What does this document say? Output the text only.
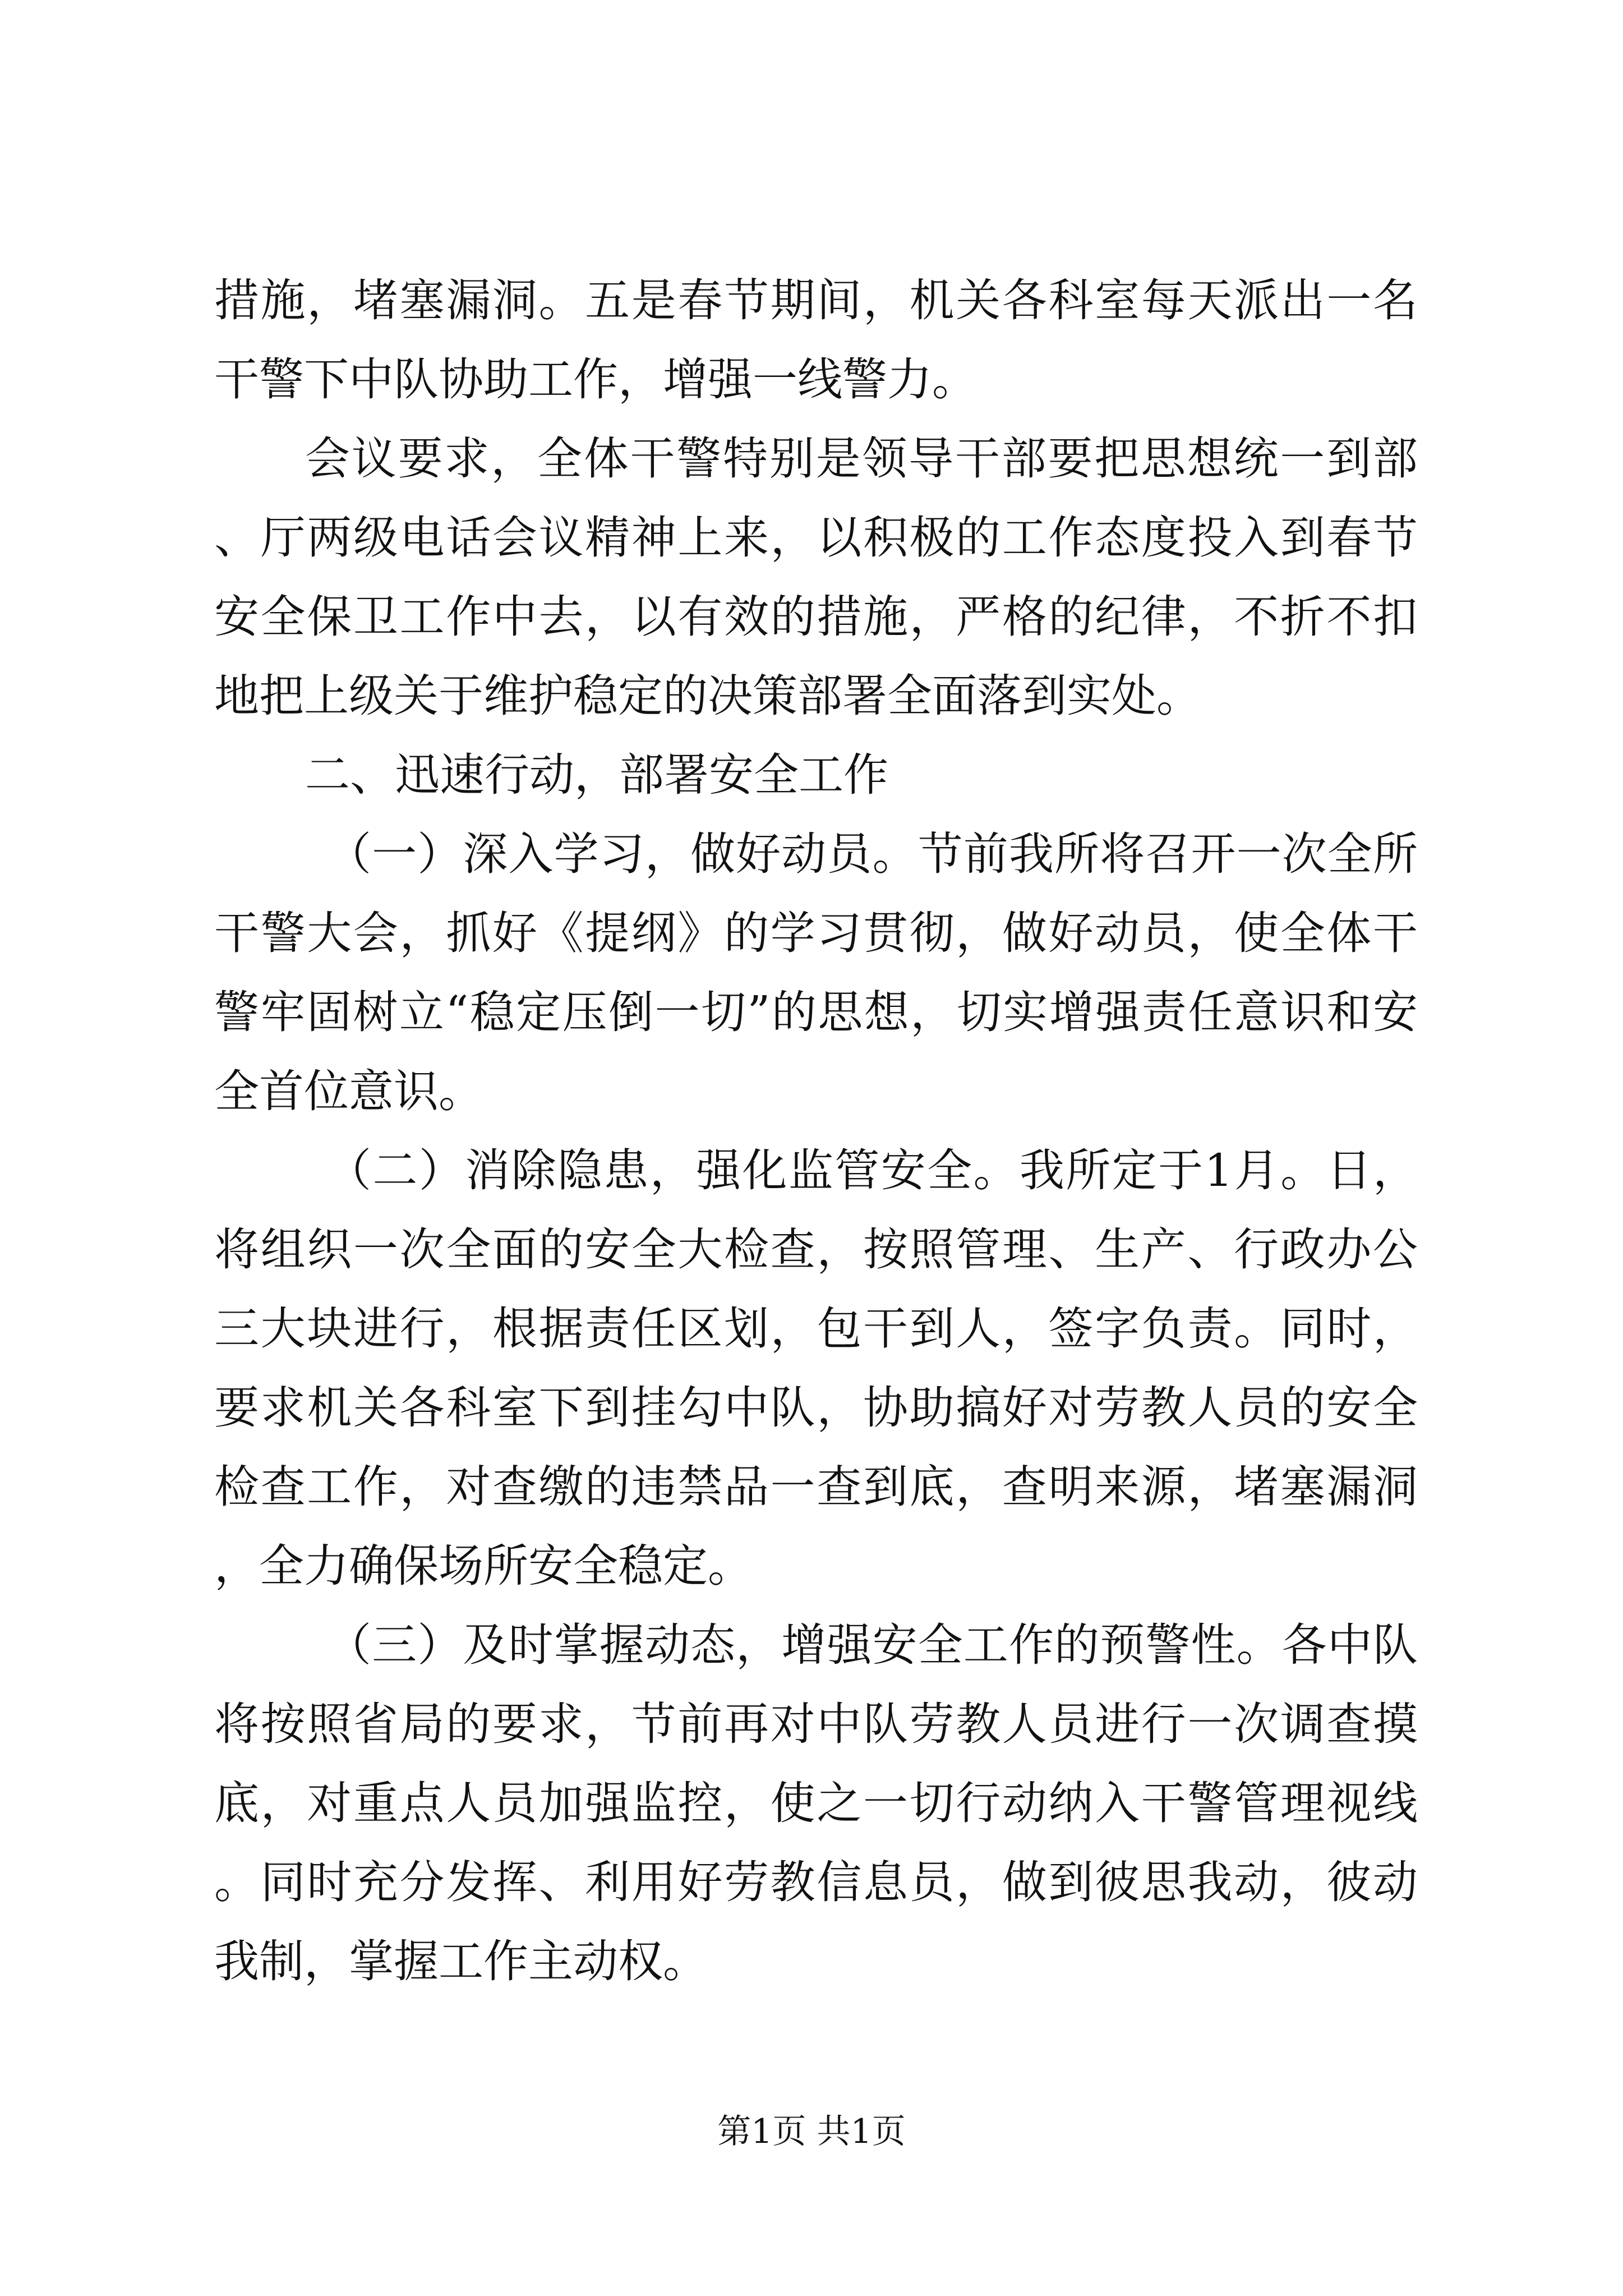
措施，堵塞漏洞。五是春节期间，机关各科室每天派出一名干警下中队协助工作，增强一线警力。

会议要求，全体干警特别是领导干部要把思想统一到部、厅两级电话会议精神上来，以积极的工作态度投入到春节安全保卫工作中去，以有效的措施，严格的纪律，不折不扣地把上级关于维护稳定的决策部署全面落到实处。

二、迅速行动，部署安全工作

（一）深入学习，做好动员。节前我所将召开一次全所干警大会，抓好《提纲》的学习贯彻，做好动员，使全体干警牢固树立“稳定压倒一切”的思想，切实增强责任意识和安全首位意识。

（二）消除隐患，强化监管安全。我所定于1月。日，将组织一次全面的安全大检查，按照管理、生产、行政办公三大块进行，根据责任区划，包干到人，签字负责。同时，要求机关各科室下到挂勾中队，协助搞好对劳教人员的安全检查工作，对查缴的违禁品一查到底，查明来源，堵塞漏洞，全力确保场所安全稳定。

（三）及时掌握动态，增强安全工作的预警性。各中队将按照省局的要求，节前再对中队劳教人员进行一次调查摸底，对重点人员加强监控，使之一切行动纳入干警管理视线。同时充分发挥、利用好劳教信息员，做到彼思我动，彼动我制，掌握工作主动权。

第1页 共1页
